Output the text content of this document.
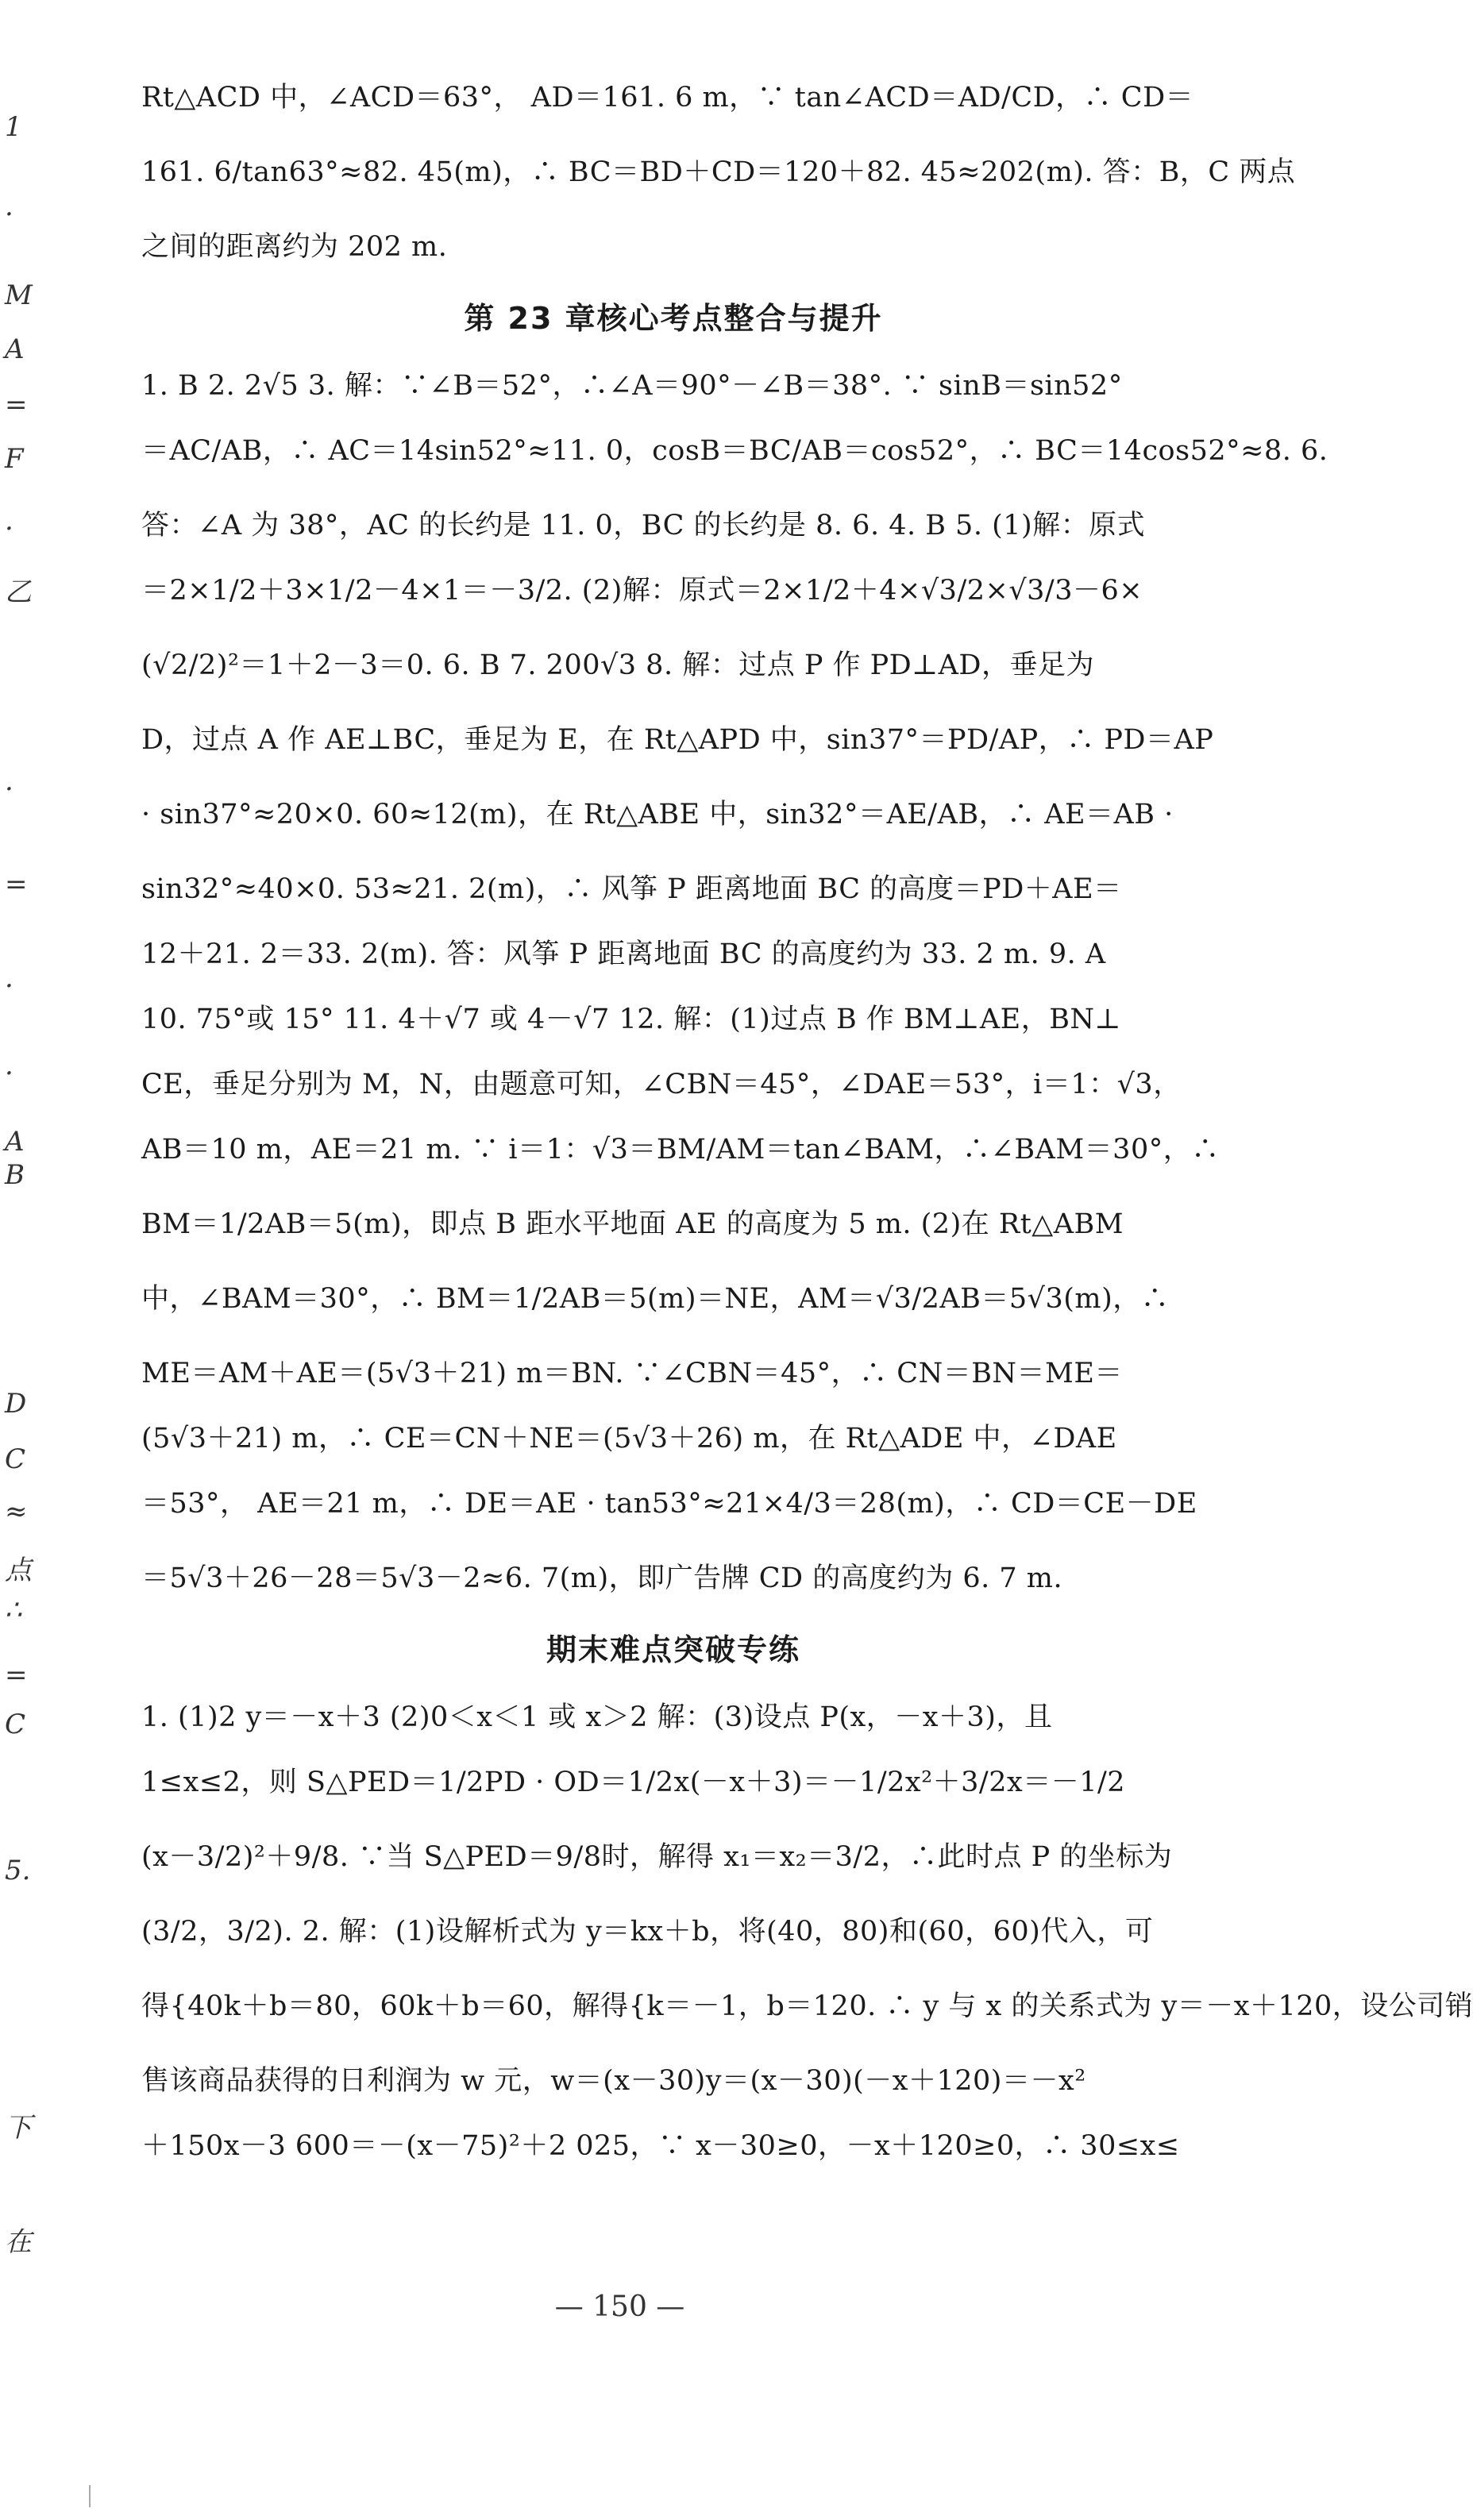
1
.
M
A
=
F
.
乙
.
=
.
.
A
B
D
C
≈
点
∴
=
C
5.
下
在
Rt△ACD 中，∠ACD＝63°， AD＝161. 6 m，∵ tan∠ACD＝AD/CD，∴ CD＝
161. 6/tan63°≈82. 45(m)，∴ BC＝BD＋CD＝120＋82. 45≈202(m). 答：B，C 两点
之间的距离约为 202 m.
第 23 章核心考点整合与提升
1. B 2. 2√5 3. 解：∵∠B＝52°，∴∠A＝90°－∠B＝38°. ∵ sinB＝sin52°
＝AC/AB，∴ AC＝14sin52°≈11. 0，cosB＝BC/AB＝cos52°，∴ BC＝14cos52°≈8. 6.
答：∠A 为 38°，AC 的长约是 11. 0，BC 的长约是 8. 6. 4. B 5. (1)解：原式
＝2×1/2＋3×1/2－4×1＝－3/2. (2)解：原式＝2×1/2＋4×√3/2×√3/3－6×
(√2/2)²＝1＋2－3＝0. 6. B 7. 200√3 8. 解：过点 P 作 PD⊥AD，垂足为
D，过点 A 作 AE⊥BC，垂足为 E，在 Rt△APD 中，sin37°＝PD/AP，∴ PD＝AP
· sin37°≈20×0. 60≈12(m)，在 Rt△ABE 中，sin32°＝AE/AB，∴ AE＝AB ·
sin32°≈40×0. 53≈21. 2(m)，∴ 风筝 P 距离地面 BC 的高度＝PD＋AE＝
12＋21. 2＝33. 2(m). 答：风筝 P 距离地面 BC 的高度约为 33. 2 m. 9. A
10. 75°或 15° 11. 4＋√7 或 4－√7 12. 解：(1)过点 B 作 BM⊥AE，BN⊥
CE，垂足分别为 M，N，由题意可知，∠CBN＝45°，∠DAE＝53°，i＝1：√3，
AB＝10 m，AE＝21 m. ∵ i＝1：√3＝BM/AM＝tan∠BAM，∴∠BAM＝30°，∴
BM＝1/2AB＝5(m)，即点 B 距水平地面 AE 的高度为 5 m. (2)在 Rt△ABM
中，∠BAM＝30°，∴ BM＝1/2AB＝5(m)＝NE，AM＝√3/2AB＝5√3(m)，∴
ME＝AM＋AE＝(5√3＋21) m＝BN. ∵∠CBN＝45°，∴ CN＝BN＝ME＝
(5√3＋21) m，∴ CE＝CN＋NE＝(5√3＋26) m，在 Rt△ADE 中，∠DAE
＝53°， AE＝21 m，∴ DE＝AE · tan53°≈21×4/3＝28(m)，∴ CD＝CE－DE
＝5√3＋26－28＝5√3－2≈6. 7(m)，即广告牌 CD 的高度约为 6. 7 m.
期末难点突破专练
1. (1)2 y＝－x＋3 (2)0＜x＜1 或 x＞2 解：(3)设点 P(x，－x＋3)，且
1≤x≤2，则 S△PED＝1/2PD · OD＝1/2x(－x＋3)＝－1/2x²＋3/2x＝－1/2
(x－3/2)²＋9/8. ∵当 S△PED＝9/8时，解得 x₁＝x₂＝3/2，∴此时点 P 的坐标为
(3/2，3/2). 2. 解：(1)设解析式为 y＝kx＋b，将(40，80)和(60，60)代入，可
得{40k＋b＝80，60k＋b＝60，解得{k＝－1，b＝120. ∴ y 与 x 的关系式为 y＝－x＋120，设公司销
售该商品获得的日利润为 w 元，w＝(x－30)y＝(x－30)(－x＋120)＝－x²
＋150x－3 600＝－(x－75)²＋2 025，∵ x－30≥0，－x＋120≥0，∴ 30≤x≤
— 150 —
